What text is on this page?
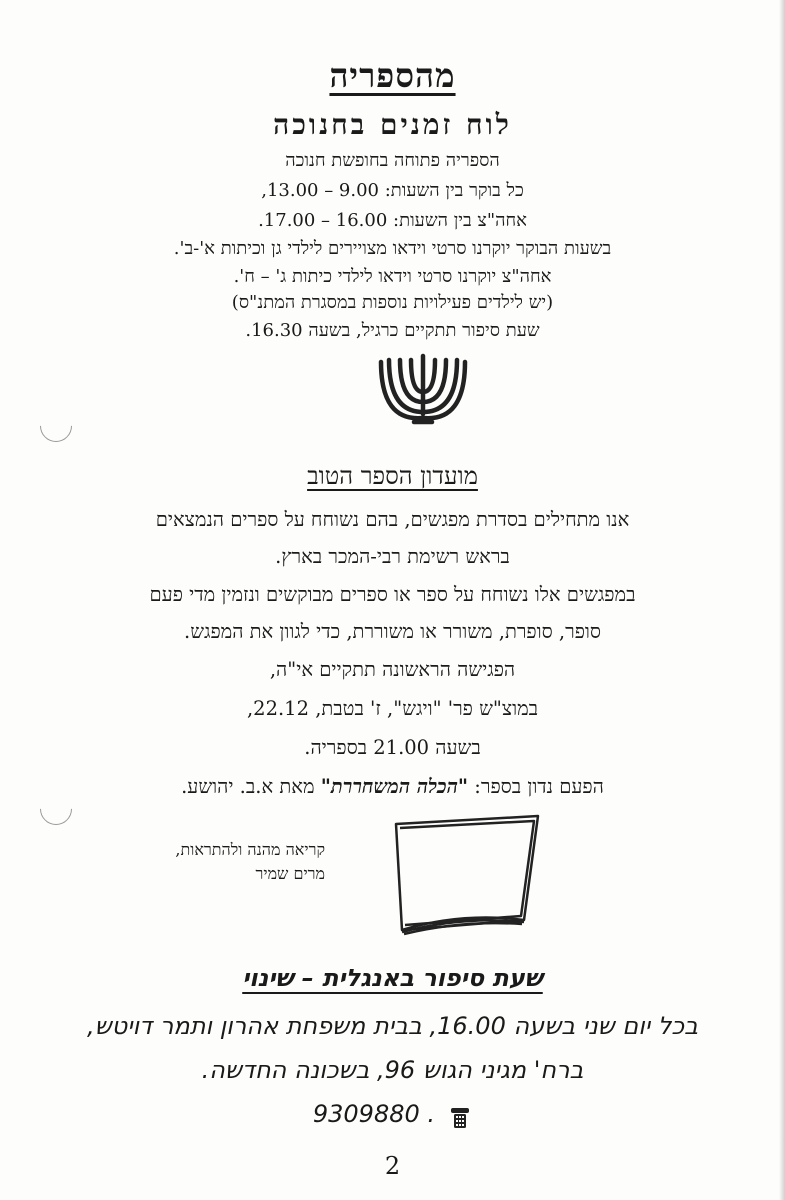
מהספריה
לוח זמנים בחנוכה
הספריה פתוחה בחופשת חנוכה
כל בוקר בין השעות: 9.00 – 13.00,
אחה"צ בין השעות: 16.00 – 17.00.
בשעות הבוקר יוקרנו סרטי וידאו מצויירים לילדי גן וכיתות א'-ב'.
אחה"צ יוקרנו סרטי וידאו לילדי כיתות ג' – ח'.
(יש לילדים פעילויות נוספות במסגרת המתנ"ס)
שעת סיפור תתקיים כרגיל, בשעה 16.30.
מועדון הספר הטוב
אנו מתחילים בסדרת מפגשים, בהם נשוחח על ספרים הנמצאים
בראש רשימת רבי-המכר בארץ.
במפגשים אלו נשוחח על ספר או ספרים מבוקשים ונזמין מדי פעם
סופר, סופרת, משורר או משוררת, כדי לגוון את המפגש.
הפגישה הראשונה תתקיים אי"ה,
במוצ"ש פר' "ויגש", ז' בטבת, 22.12,
בשעה 21.00 בספריה.
הפעם נדון בספר: "הכלה המשחררת" מאת א.ב. יהושע.
קריאה מהנה ולהתראות,
מרים שמיר
שעת סיפור באנגלית – שינוי
בכל יום שני בשעה 16.00, בבית משפחת אהרון ותמר דויטש,
ברח' מגיני הגוש 96, בשכונה החדשה.
9309880 .
2
